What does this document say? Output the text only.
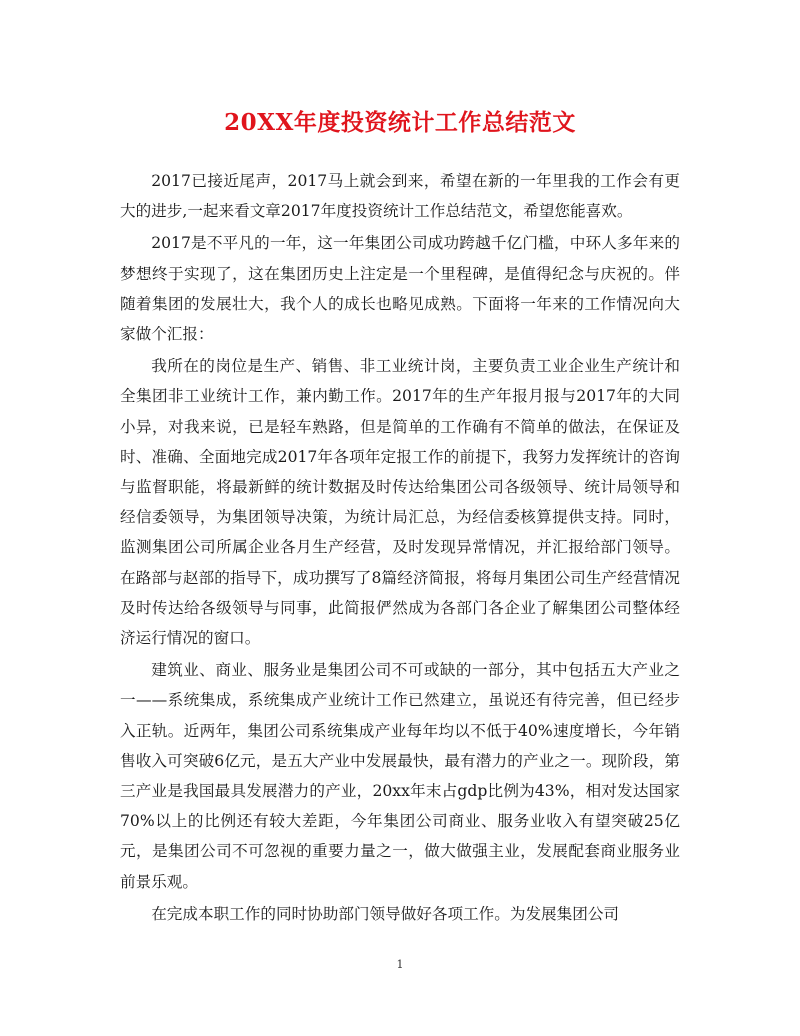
20XX年度投资统计工作总结范文

2017已接近尾声，2017马上就会到来，希望在新的一年里我的工作会有更大的进步,一起来看文章2017年度投资统计工作总结范文，希望您能喜欢。

2017是不平凡的一年，这一年集团公司成功跨越千亿门槛，中环人多年来的梦想终于实现了，这在集团历史上注定是一个里程碑，是值得纪念与庆祝的。伴随着集团的发展壮大，我个人的成长也略见成熟。下面将一年来的工作情况向大家做个汇报：

我所在的岗位是生产、销售、非工业统计岗，主要负责工业企业生产统计和全集团非工业统计工作，兼内勤工作。2017年的生产年报月报与2017年的大同小异，对我来说，已是轻车熟路，但是简单的工作确有不简单的做法，在保证及时、准确、全面地完成2017年各项年定报工作的前提下，我努力发挥统计的咨询与监督职能，将最新鲜的统计数据及时传达给集团公司各级领导、统计局领导和经信委领导，为集团领导决策，为统计局汇总，为经信委核算提供支持。同时，监测集团公司所属企业各月生产经营，及时发现异常情况，并汇报给部门领导。在路部与赵部的指导下，成功撰写了8篇经济简报，将每月集团公司生产经营情况及时传达给各级领导与同事，此简报俨然成为各部门各企业了解集团公司整体经济运行情况的窗口。

建筑业、商业、服务业是集团公司不可或缺的一部分，其中包括五大产业之一——系统集成，系统集成产业统计工作已然建立，虽说还有待完善，但已经步入正轨。近两年，集团公司系统集成产业每年均以不低于40%速度增长，今年销售收入可突破6亿元，是五大产业中发展最快，最有潜力的产业之一。现阶段，第三产业是我国最具发展潜力的产业，20xx年末占gdp比例为43%，相对发达国家70%以上的比例还有较大差距，今年集团公司商业、服务业收入有望突破25亿元，是集团公司不可忽视的重要力量之一，做大做强主业，发展配套商业服务业前景乐观。

在完成本职工作的同时协助部门领导做好各项工作。为发展集团公司

1
